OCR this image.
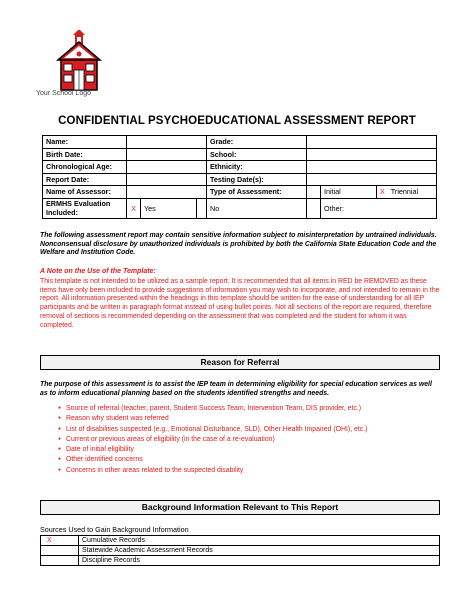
Your School Logo
CONFIDENTIAL PSYCHOEDUCATIONAL ASSESSMENT REPORT
Name:				Grade:			
Birth Date:				School:			
Chronological Age:				Ethnicity:			
Report Date:				Testing Date(s):			
Name of Assessor:				Type of Assessment:		Initial	X Triennial
ERMHS Evaluation Included:	X	Yes		No		Other:	
The following assessment report may contain sensitive information subject to misinterpretation by untrained individuals. Nonconsensual disclosure by unauthorized individuals is prohibited by both the California State Education Code and the Welfare and Institution Code.
A Note on the Use of the Template:
This template is not intended to be utilized as a sample report. It is recommended that all items in RED be REMOVED as these items have only been included to provide suggestions of information you may wish to incorporate, and not intended to remain in the report. All information presented within the headings in this template should be written for the ease of understanding for all IEP participants and be written in paragraph format instead of using bullet points. Not all sections of the report are required, therefore removal of sections is recommended depending on the assessment that was completed and the student for whom it was completed.
Reason for Referral
The purpose of this assessment is to assist the IEP team in determining eligibility for special education services as well as to inform educational planning based on the students identified strengths and needs.
● Source of referral (teacher, parent, Student Success Team, Intervention Team, DIS provider, etc.)
● Reason why student was referred
● List of disabilities suspected (e.g., Emotional Disturbance, SLD), Other Health Impaired (OHI), etc.)
● Current or previous areas of eligibility (in the case of a re-evaluation)
● Date of initial eligibility
● Other identified concerns
● Concerns in other areas related to the suspected disability
Background Information Relevant to This Report
Sources Used to Gain Background Information
X	Cumulative Records
	Statewide Academic Assessment Records
	Discipline Records
